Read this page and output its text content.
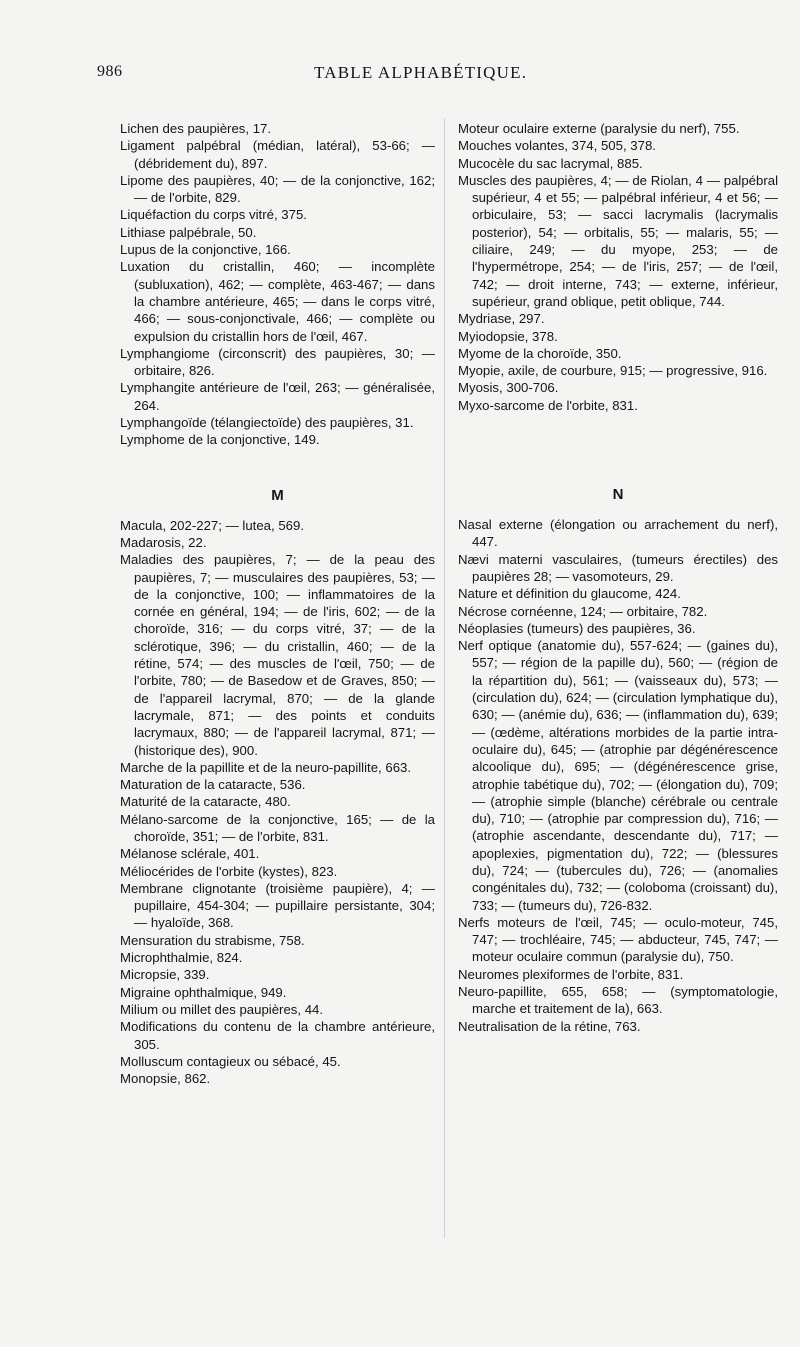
986	TABLE ALPHABÉTIQUE.

Lichen des paupières, 17.

Ligament palpébral (médian, latéral), 53-66; — (débridement du), 897.

Lipome des paupières, 40; — de la conjonctive, 162; — de l'orbite, 829.

Liquéfaction du corps vitré, 375.

Lithiase palpébrale, 50.

Lupus de la conjonctive, 166.

Luxation du cristallin, 460; — incomplète (subluxation), 462; — complète, 463-467; — dans la chambre antérieure, 465; — dans le corps vitré, 466; — sous-conjonctivale, 466; — complète ou expulsion du cristallin hors de l'œil, 467.

Lymphangiome (circonscrit) des paupières, 30; — orbitaire, 826.

Lymphangite antérieure de l'œil, 263; — généralisée, 264.

Lymphangoïde (télangiectoïde) des paupières, 31.

Lymphome de la conjonctive, 149.

M

Macula, 202-227; — lutea, 569.

Madarosis, 22.

Maladies des paupières, 7; — de la peau des paupières, 7; — musculaires des paupières, 53; — de la conjonctive, 100; — inflammatoires de la cornée en général, 194; — de l'iris, 602; — de la choroïde, 316; — du corps vitré, 37; — de la sclérotique, 396; — du cristallin, 460; — de la rétine, 574; — des muscles de l'œil, 750; — de l'orbite, 780; — de Basedow et de Graves, 850; — de l'appareil lacrymal, 870; — de la glande lacrymale, 871; — des points et conduits lacrymaux, 880; — de l'appareil lacrymal, 871; — (historique des), 900.

Marche de la papillite et de la neuro-papillite, 663.

Maturation de la cataracte, 536.

Maturité de la cataracte, 480.

Mélano-sarcome de la conjonctive, 165; — de la choroïde, 351; — de l'orbite, 831.

Mélanose sclérale, 401.

Méliocérides de l'orbite (kystes), 823.

Membrane clignotante (troisième paupière), 4; — pupillaire, 454-304; — pupillaire persistante, 304; — hyaloïde, 368.

Mensuration du strabisme, 758.

Microphthalmie, 824.

Micropsie, 339.

Migraine ophthalmique, 949.

Milium ou millet des paupières, 44.

Modifications du contenu de la chambre antérieure, 305.

Molluscum contagieux ou sébacé, 45.

Monopsie, 862.

Moteur oculaire externe (paralysie du nerf), 755.

Mouches volantes, 374, 505, 378.

Mucocèle du sac lacrymal, 885.

Muscles des paupières, 4; — de Riolan, 4 — palpébral supérieur, 4 et 55; — palpébral inférieur, 4 et 56; — orbiculaire, 53; — sacci lacrymalis (lacrymalis posterior), 54; — orbitalis, 55; — malaris, 55; — ciliaire, 249; — du myope, 253; — de l'hypermétrope, 254; — de l'iris, 257; — de l'œil, 742; — droit interne, 743; — externe, inférieur, supérieur, grand oblique, petit oblique, 744.

Mydriase, 297.

Myiodopsie, 378.

Myome de la choroïde, 350.

Myopie, axile, de courbure, 915; — progressive, 916.

Myosis, 300-706.

Myxo-sarcome de l'orbite, 831.

N

Nasal externe (élongation ou arrachement du nerf), 447.

Nævi materni vasculaires, (tumeurs érectiles) des paupières 28; — vasomoteurs, 29.

Nature et définition du glaucome, 424.

Nécrose cornéenne, 124; — orbitaire, 782.

Néoplasies (tumeurs) des paupières, 36.

Nerf optique (anatomie du), 557-624; — (gaines du), 557; — région de la papille du), 560; — (région de la répartition du), 561; — (vaisseaux du), 573; — (circulation du), 624; — (circulation lymphatique du), 630; — (anémie du), 636; — (inflammation du), 639; — (œdème, altérations morbides de la partie intra-oculaire du), 645; — (atrophie par dégénérescence alcoolique du), 695; — (dégénérescence grise, atrophie tabétique du), 702; — (élongation du), 709; — (atrophie simple (blanche) cérébrale ou centrale du), 710; — (atrophie par compression du), 716; — (atrophie ascendante, descendante du), 717; — apoplexies, pigmentation du), 722; — (blessures du), 724; — (tubercules du), 726; — (anomalies congénitales du), 732; — (coloboma (croissant) du), 733; — (tumeurs du), 726-832.

Nerfs moteurs de l'œil, 745; — oculo-moteur, 745, 747; — trochléaire, 745; — abducteur, 745, 747; — moteur oculaire commun (paralysie du), 750.

Neuromes plexiformes de l'orbite, 831.

Neuro-papillite, 655, 658; — (symptomatologie, marche et traitement de la), 663.

Neutralisation de la rétine, 763.
